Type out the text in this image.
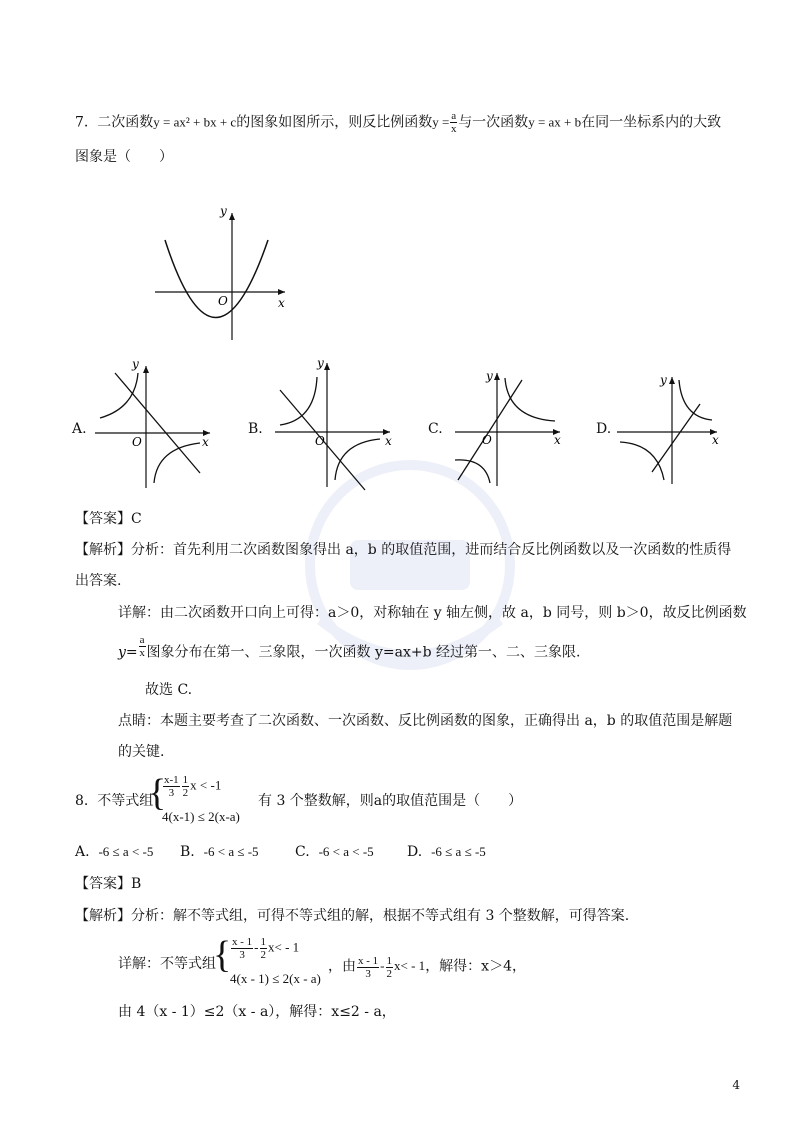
7. 二次函数y = ax² + bx + c的图象如图所示，则反比例函数$y = \frac{a}{x}$ 与一次函数y = ax + b在同一坐标系内的大致
图象是（　　）
y
x
O
A.
y
x
O
B.
y
x
O
C.
y
x
O
D.
y
x
【答案】C
【解析】分析：首先利用二次函数图象得出 a，b 的取值范围，进而结合反比例函数以及一次函数的性质得
出答案.
详解：由二次函数开口向上可得：a＞0，对称轴在 y 轴左侧，故 a，b 同号，则 b＞0，故反比例函数
$y= \frac{a}{x}$ 图象分布在第一、三象限，一次函数 y=ax+b 经过第一、二、三象限.
故选 C.
点睛：本题主要考查了二次函数、一次函数、反比例函数的图象，正确得出 a，b 的取值范围是解题
的关键.
8. 不等式组
{
$\frac{x-1}{3} \frac{1}{2}$ x < -1
4(x-1) ≤ 2(x-a)
有 3 个整数解，则a的取值范围是（　　）
A. -6 ≤ a < -5 B. -6 < a ≤ -5	C. -6 < a < -5 D. -6 ≤ a ≤ -5
【答案】B
【解析】分析：解不等式组，可得不等式组的解，根据不等式组有 3 个整数解，可得答案.
详解：不等式组
{ $\frac{x - 1}{3} - \frac{1}{2} x< - 1$
4(x - 1) ≤ 2(x - a)
，由 $\frac{x - 1}{3} - \frac{1}{2} x< - 1$，解得：x＞4，
由 4（x - 1）≤2（x - a），解得：x≤2 - a，
4
